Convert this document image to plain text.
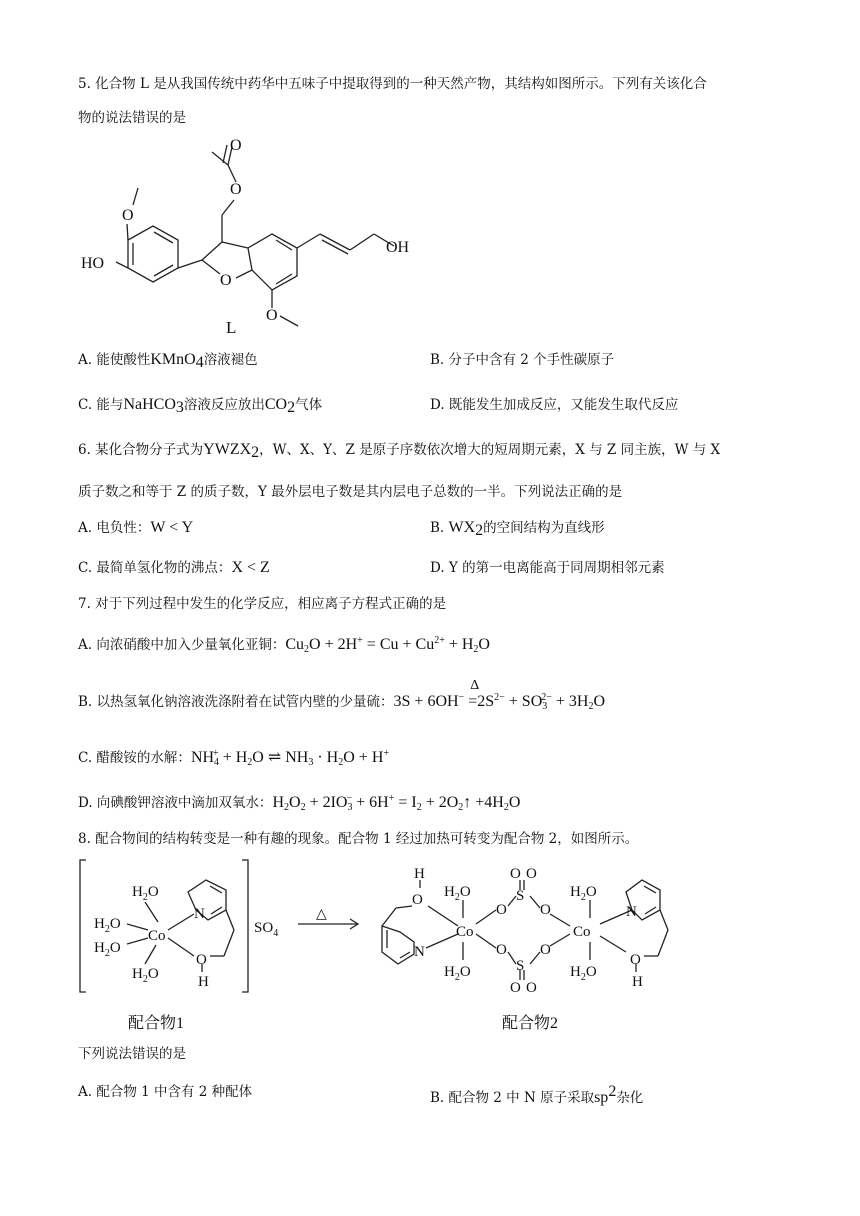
5. 化合物 L 是从我国传统中药华中五味子中提取得到的一种天然产物，其结构如图所示。下列有关该化合
物的说法错误的是
O
O
O
HO
O
O
OH
L
A. 能使酸性KMnO$_4$溶液褪色	B. 分子中含有 2 个手性碳原子
C. 能与NaHCO$_3$溶液反应放出$CO_2$气体	D. 既能发生加成反应，又能发生取代反应
6. 某化合物分子式为$YWZX_2$，W、X、Y、Z 是原子序数依次增大的短周期元素，X 与 Z 同主族，W 与 X
质子数之和等于 Z 的质子数，Y 最外层电子数是其内层电子总数的一半。下列说法正确的是
A. 电负性：W < Y	B. $WX_2$的空间结构为直线形
C. 最简单氢化物的沸点：X < Z	D. Y 的第一电离能高于同周期相邻元素
7. 对于下列过程中发生的化学反应，相应离子方程式正确的是
A. 向浓硝酸中加入少量氧化亚铜：$Cu_2O + 2H^+ = Cu + Cu^{2+} + H_2O$
B. 以热氢氧化钠溶液洗涤附着在试管内壁的少量硫：3S + 6OH−
Δ
$=2S^{2-} + SO_3^{2-} + 3H_2O$
C. 醋酸铵的水解：$NH_4^+ + H_2O$ ⇌ $NH_3 \cdot H_2O + H^+$
D. 向碘酸钾溶液中滴加双氧水：$H_2O_2 + 2IO_3^- + 6H^+ = I_2$ + $2O_2↑ +4H_2O$
8. 配合物间的结构转变是一种有趣的现象。配合物 1 经过加热可转变为配合物 2，如图所示。
$H_2O$
$H_2O$
$H_2O$
$H_2O$
Co
N
O
H
$SO_4$
△
H
O
N
$H_2O$
$H_2O$
Co
O
S
O O
O
O
S
O O
O
Co
$H_2O$
$H_2O$
N
O
H
配合物1	配合物2
下列说法错误的是
A. 配合物 1 中含有 2 种配体	B. 配合物 2 中 N 原子采取$sp^2$杂化
